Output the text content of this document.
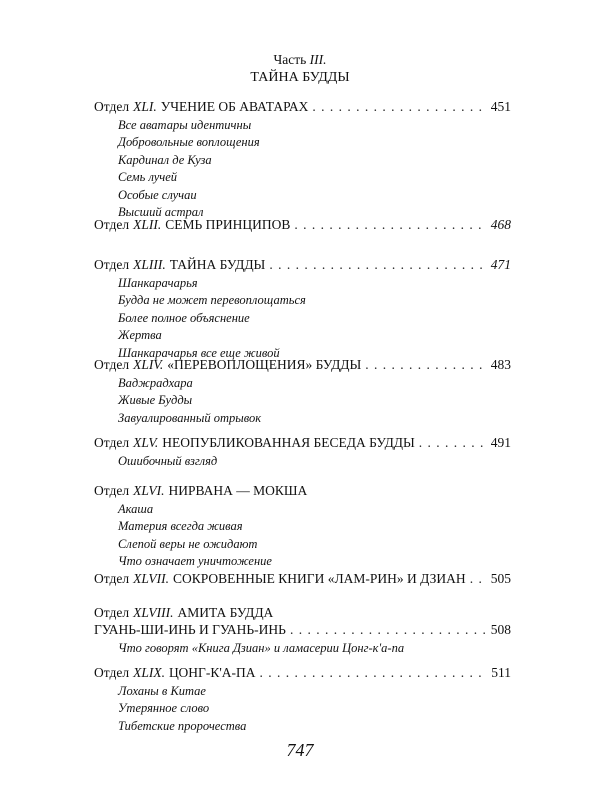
Часть III.
ТАЙНА БУДДЫ
Отдел XLI. УЧЕНИЕ ОБ АВАТАРАХ . . .	451
Все аватары идентичны
Добровольные воплощения
Кардинал де Куза
Семь лучей
Особые случаи
Высший астрал
Отдел XLII. СЕМЬ ПРИНЦИПОВ . . .	468
Отдел XLIII. ТАЙНА БУДДЫ . . .	471
Шанкарачарья
Будда не может перевоплощаться
Более полное объяснение
Жертва
Шанкарачарья все еще живой
Отдел XLIV. «ПЕРЕВОПЛОЩЕНИЯ» БУДДЫ . . .	483
Ваджрадхара
Живые Будды
Завуалированный отрывок
Отдел XLV. НЕОПУБЛИКОВАННАЯ БЕСЕДА БУДДЫ . . .	491
Ошибочный взгляд
Отдел XLVI. НИРВАНА — МОКША
Акаша
Материя всегда живая
Слепой веры не ожидают
Что означает уничтожение
Отдел XLVII. СОКРОВЕННЫЕ КНИГИ «ЛАМ-РИН» И ДЗИАН . . . 505
Отдел XLVIII. АМИТА БУДДА
ГУАНЬ-ШИ-ИНЬ И ГУАНЬ-ИНЬ . . .	508
Что говорят «Книга Дзиан» и ламасерии Цонг-к'а-па
Отдел XLIX. ЦОНГ-К'А-ПА . . .	511
Лоханы в Китае
Утерянное слово
Тибетские пророчества
747
